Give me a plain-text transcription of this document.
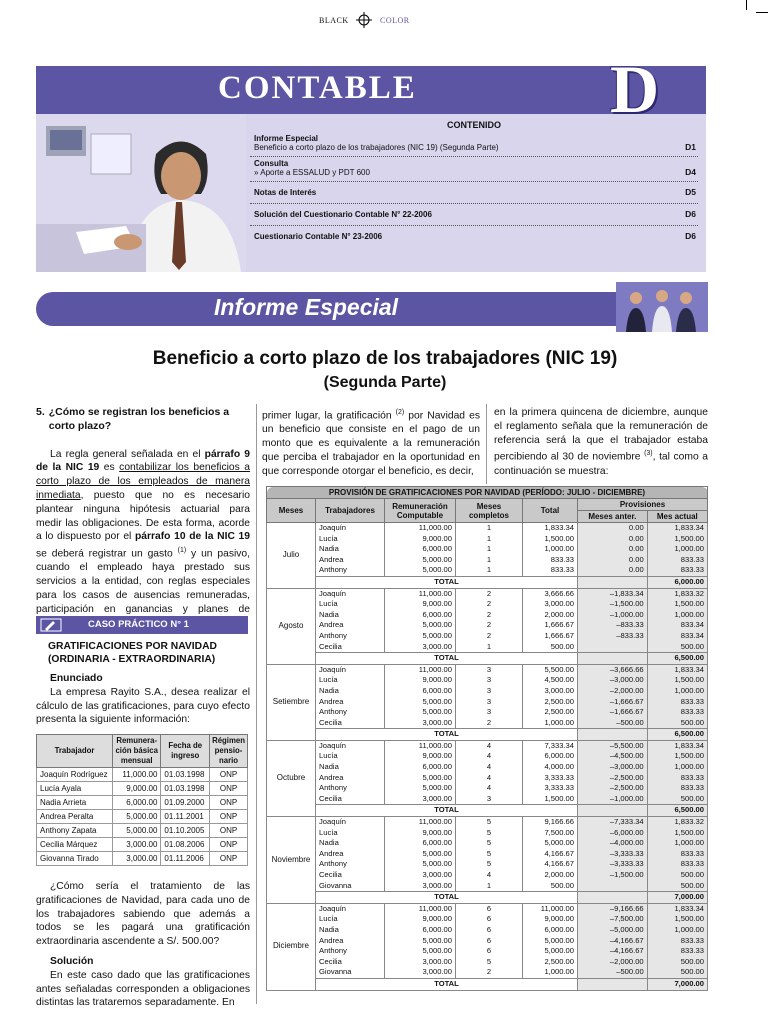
BLACK	COLOR
CONTABLE	D
CONTENIDO
Informe Especial
Beneficio a corto plazo de los trabajadores (NIC 19) (Segunda Parte)	D1
Consulta
» Aporte a ESSALUD y PDT 600	D4
Notas de Interés	D5
Solución del Cuestionario Contable N° 22-2006	D6
Cuestionario Contable N° 23-2006	D6
Informe Especial
Beneficio a corto plazo de los trabajadores (NIC 19)
(Segunda Parte)
5. ¿Cómo se registran los beneficios a corto plazo?

La regla general señalada en el párrafo 9 de la NIC 19 es contabilizar los beneficios a corto plazo de los empleados de manera inmediata, puesto que no es necesario plantear ninguna hipótesis actuarial para medir las obligaciones. De esta forma, acorde a lo dispuesto por el párrafo 10 de la NIC 19 se deberá registrar un gasto $^{(1)}$ y un pasivo, cuando el empleado haya prestado sus servicios a la entidad, con reglas especiales para los casos de ausencias remuneradas, participación en ganancias y planes de

CASO PRÁCTICO N° 1
GRATIFICACIONES POR NAVIDAD (ORDINARIA - EXTRAORDINARIA)
Enunciado

La empresa Rayito S.A., desea realizar el cálculo de las gratificaciones, para cuyo efecto presenta la siguiente información:

Trabajador	Remunera-ción básica mensual	Fecha de ingreso	Régimen pensio-nario
Joaquín Rodríguez	11,000.00	01.03.1998	ONP
Lucía Ayala	9,000.00	01.03.1998	ONP
Nadia Arrieta	6,000.00	01.09.2000	ONP
Andrea Peralta	5,000.00	01.11.2001	ONP
Anthony Zapata	5,000.00	01.10.2005	ONP
Cecilia Márquez	3,000.00	01.08.2006	ONP
Giovanna Tirado	3,000.00	01.11.2006	ONP

¿Cómo sería el tratamiento de las gratificaciones de Navidad, para cada uno de los trabajadores sabiendo que además a todos se les pagará una gratificación extraordinaria ascendente a S/. 500.00?

Solución

En este caso dado que las gratificaciones antes señaladas corresponden a obligaciones distintas las trataremos separadamente. En

primer lugar, la gratificación $^{(2)}$ por Navidad es un beneficio que consiste en el pago de un monto que es equivalente a la remuneración que perciba el trabajador en la oportunidad en que corresponde otorgar el beneficio, es decir,
en la primera quincena de diciembre, aunque el reglamento señala que la remuneración de referencia será la que el trabajador estaba percibiendo al 30 de noviembre $^{(3)}$, tal como a continuación se muestra:
PROVISIÓN DE GRATIFICACIONES POR NAVIDAD (PERÍODO: JULIO - DICIEMBRE)						
Meses	Trabajadores	Remuneración Computable	Meses completos	Total	Provisiones	
					Meses anter.	Mes actual
Julio	Joaquín	11,000.00	1	1,833.34	0.00	1,833.34
	Lucía	9,000.00	1	1,500.00	0.00	1,500.00
	Nadia	6,000.00	1	1,000.00	0.00	1,000.00
	Andrea	5,000.00	1	833.33	0.00	833.33
	Anthony	5,000.00	1	833.33	0.00	833.33
	TOTAL					6,000.00
Agosto	Joaquín	11,000.00	2	3,666.66	–1,833.34	1,833.32
	Lucía	9,000.00	2	3,000.00	–1,500.00	1,500.00
	Nadia	6,000.00	2	2,000.00	–1,000.00	1,000.00
	Andrea	5,000.00	2	1,666.67	–833.33	833.34
	Anthony	5,000.00	2	1,666.67	–833.33	833.34
	Cecilia	3,000.00	1	500.00		500.00
	TOTAL					6,500.00
Setiembre	Joaquín	11,000.00	3	5,500.00	–3,666.66	1,833.34
	Lucía	9,000.00	3	4,500.00	–3,000.00	1,500.00
	Nadia	6,000.00	3	3,000.00	–2,000.00	1,000.00
	Andrea	5,000.00	3	2,500.00	–1,666.67	833.33
	Anthony	5,000.00	3	2,500.00	–1,666.67	833.33
	Cecilia	3,000.00	2	1,000.00	–500.00	500.00
	TOTAL					6,500.00
Octubre	Joaquín	11,000.00	4	7,333.34	–5,500.00	1,833.34
	Lucía	9,000.00	4	6,000.00	–4,500.00	1,500.00
	Nadia	6,000.00	4	4,000.00	–3,000.00	1,000.00
	Andrea	5,000.00	4	3,333.33	–2,500.00	833.33
	Anthony	5,000.00	4	3,333.33	–2,500.00	833.33
	Cecilia	3,000.00	3	1,500.00	–1,000.00	500.00
	TOTAL					6,500.00
Noviembre	Joaquín	11,000.00	5	9,166.66	–7,333.34	1,833.32
	Lucía	9,000.00	5	7,500.00	–6,000.00	1,500.00
	Nadia	6,000.00	5	5,000.00	–4,000.00	1,000.00
	Andrea	5,000.00	5	4,166.67	–3,333.33	833.33
	Anthony	5,000.00	5	4,166.67	–3,333.33	833.33
	Cecilia	3,000.00	4	2,000.00	–1,500.00	500.00
	Giovanna	3,000.00	1	500.00		500.00
	TOTAL					7,000.00
Diciembre	Joaquín	11,000.00	6	11,000.00	–9,166.66	1,833.34
	Lucía	9,000.00	6	9,000.00	–7,500.00	1,500.00
	Nadia	6,000.00	6	6,000.00	–5,000.00	1,000.00
	Andrea	5,000.00	6	5,000.00	–4,166.67	833.33
	Anthony	5,000.00	6	5,000.00	–4,166.67	833.33
	Cecilia	3,000.00	5	2,500.00	–2,000.00	500.00
	Giovanna	3,000.00	2	1,000.00	–500.00	500.00
	TOTAL					7,000.00
